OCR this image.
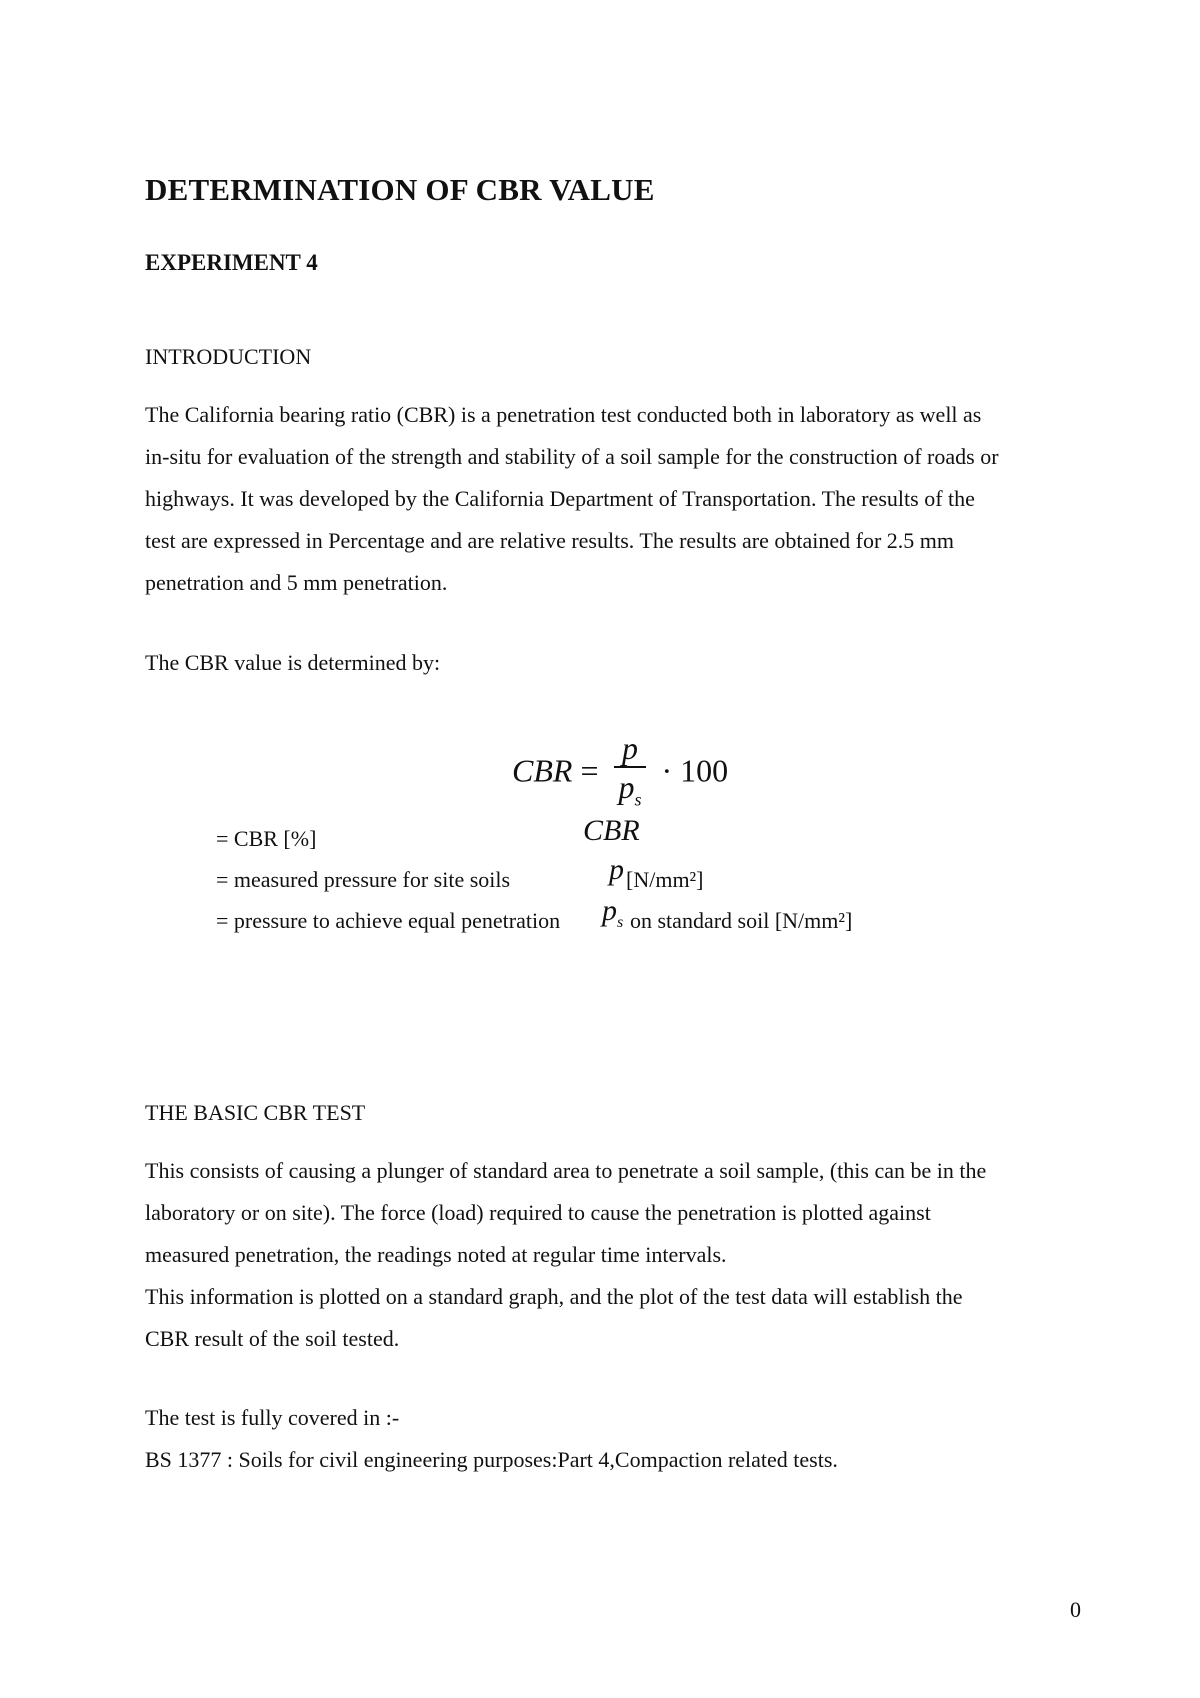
DETERMINATION OF CBR VALUE
EXPERIMENT 4
INTRODUCTION

The California bearing ratio (CBR) is a penetration test conducted both in laboratory as well as

in-situ for evaluation of the strength and stability of a soil sample for the construction of roads or

highways. It was developed by the California Department of Transportation. The results of the

test are expressed in Percentage and are relative results. The results are obtained for 2.5 mm

penetration and 5 mm penetration.

The CBR value is determined by:
CBR = $\frac{p}{p_s} \cdot 100$
= CBR [%]	CBR
= measured pressure for site soils	p [N/mm²]
= pressure to achieve equal penetration $p_s$ on standard soil [N/mm²]
THE BASIC CBR TEST

This consists of causing a plunger of standard area to penetrate a soil sample, (this can be in the

laboratory or on site). The force (load) required to cause the penetration is plotted against

measured penetration, the readings noted at regular time intervals.

This information is plotted on a standard graph, and the plot of the test data will establish the

CBR result of the soil tested.

The test is fully covered in :-
BS 1377 : Soils for civil engineering purposes:Part 4,Compaction related tests.
0
